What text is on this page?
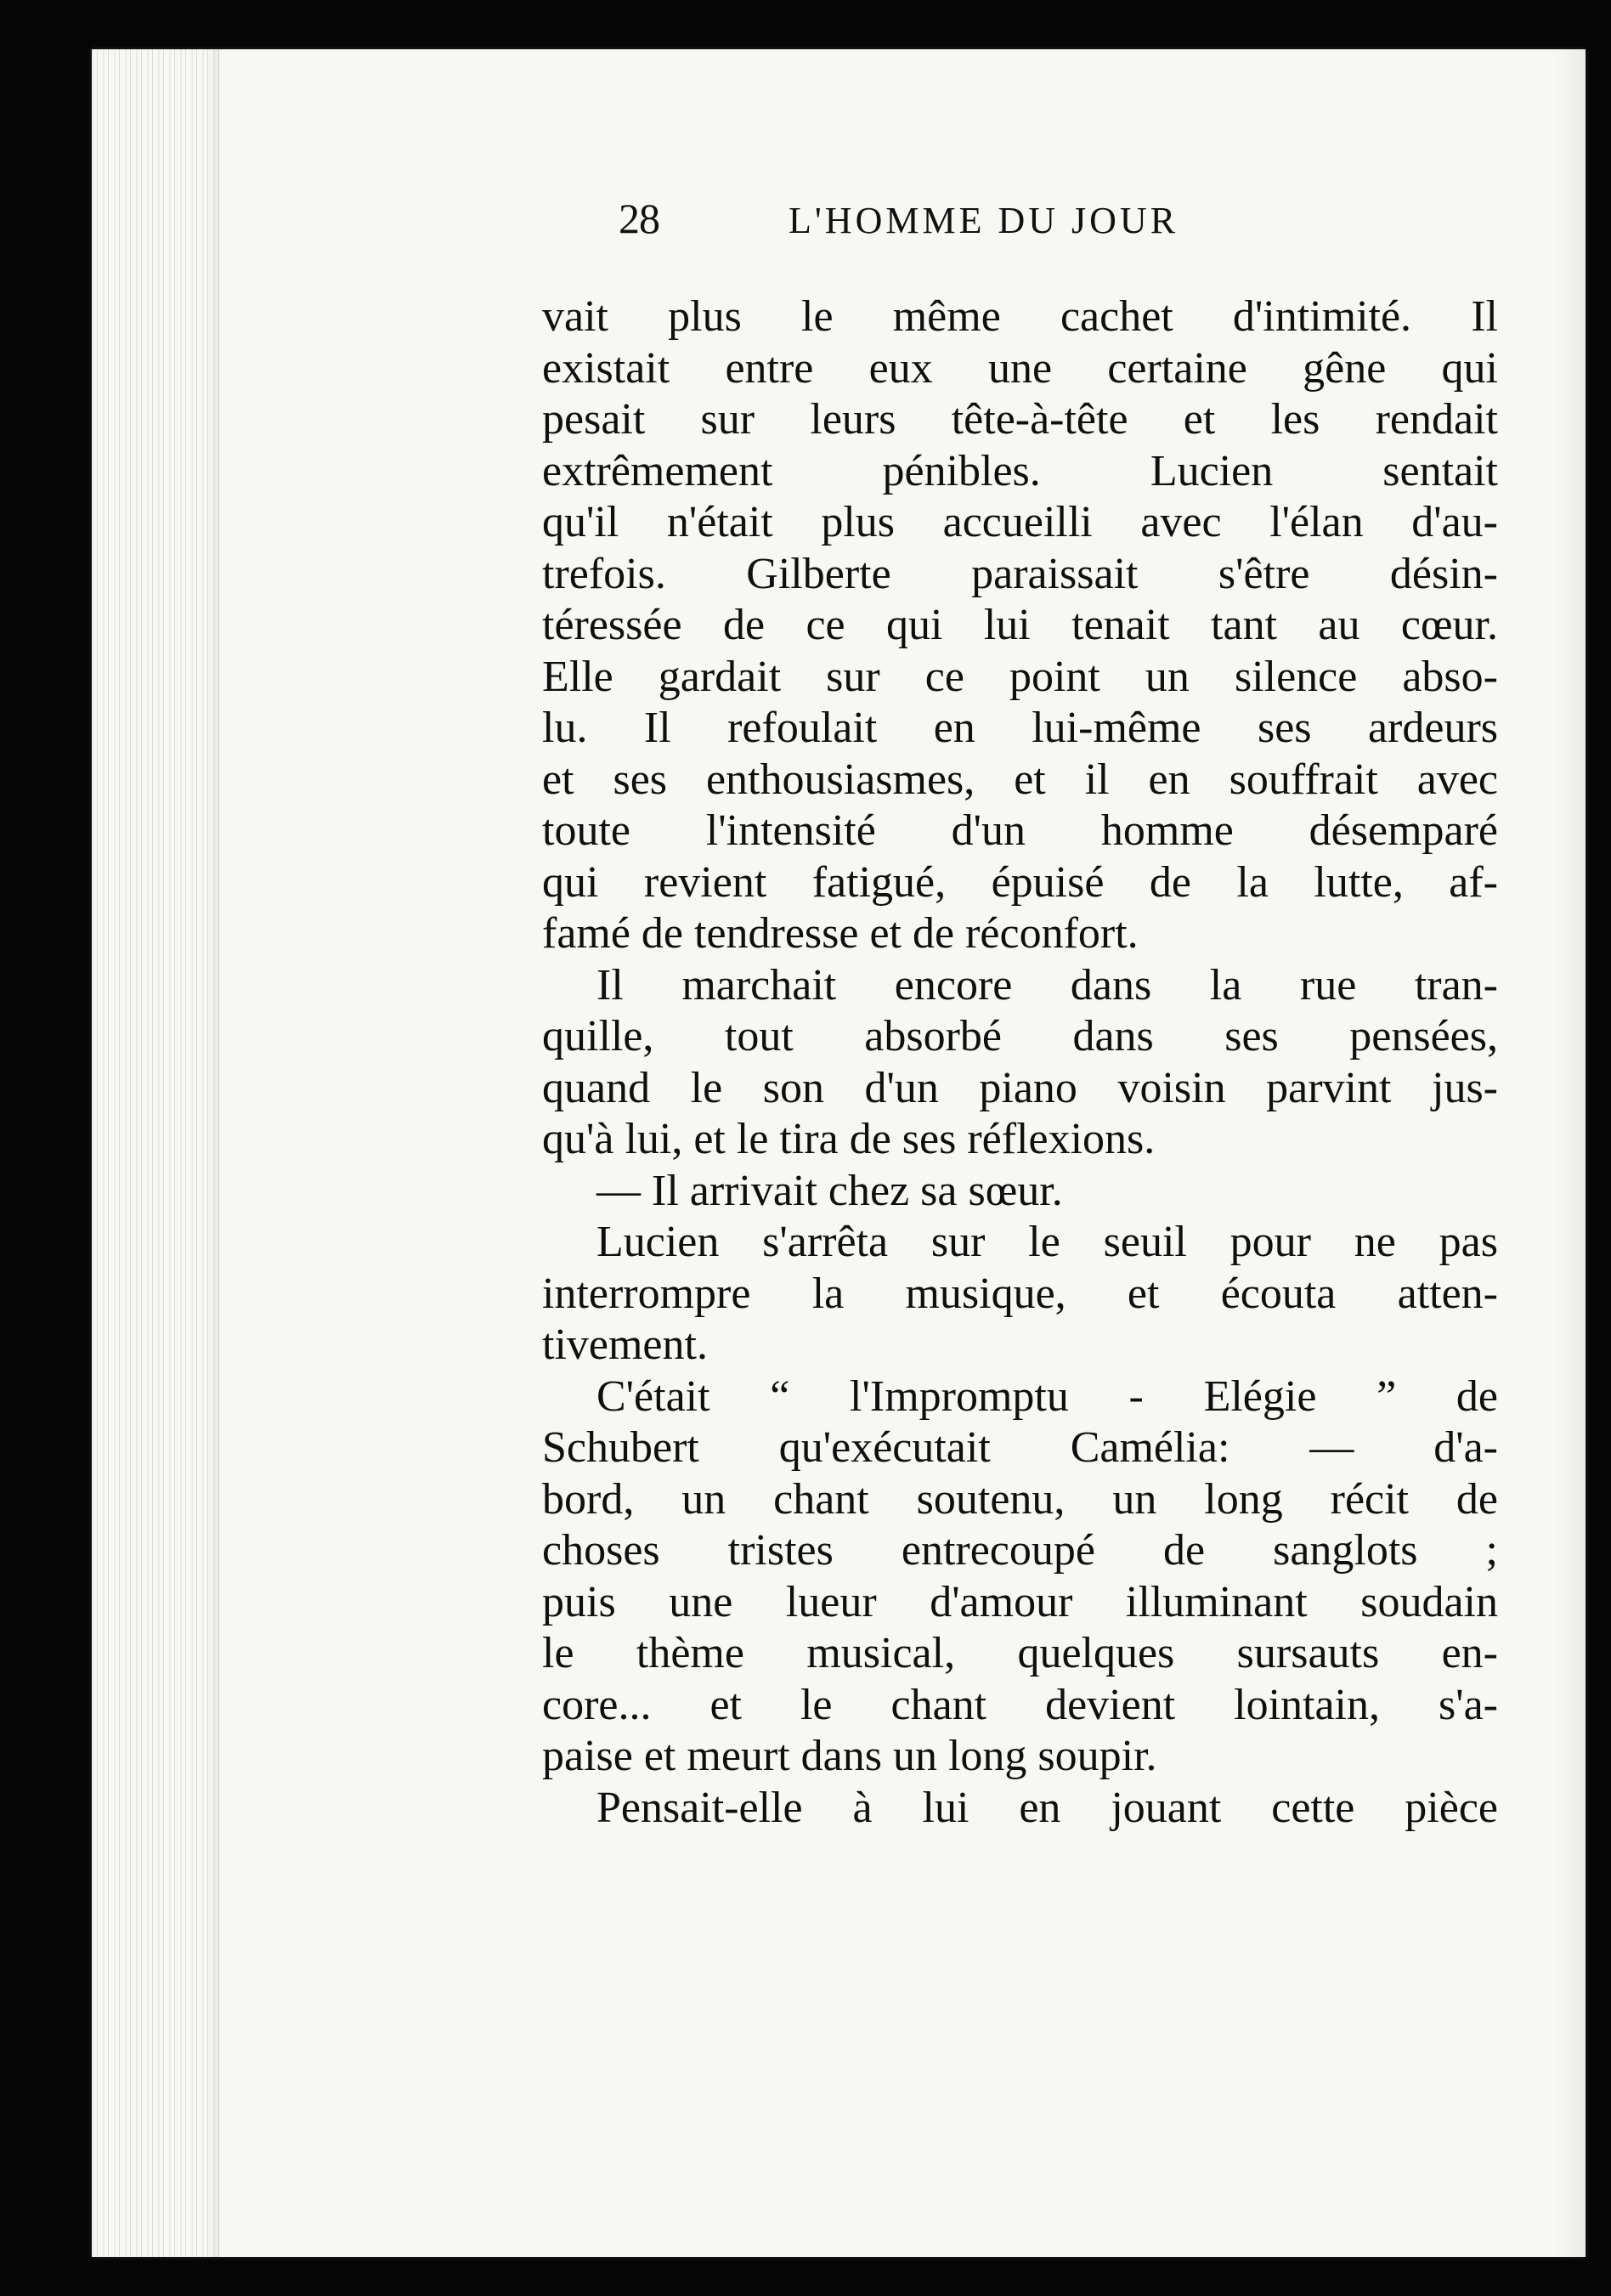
28	L'HOMME DU JOUR
vait plus le même cachet d'intimité. Il
existait entre eux une certaine gêne qui
pesait sur leurs tête-à-tête et les rendait
extrêmement pénibles. Lucien sentait
qu'il n'était plus accueilli avec l'élan d'au-
trefois. Gilberte paraissait s'être désin-
téressée de ce qui lui tenait tant au cœur.
Elle gardait sur ce point un silence abso-
lu. Il refoulait en lui-même ses ardeurs
et ses enthousiasmes, et il en souffrait avec
toute l'intensité d'un homme désemparé
qui revient fatigué, épuisé de la lutte, af-
famé de tendresse et de réconfort.
Il marchait encore dans la rue tran-
quille, tout absorbé dans ses pensées,
quand le son d'un piano voisin parvint jus-
qu'à lui, et le tira de ses réflexions.
— Il arrivait chez sa sœur.
Lucien s'arrêta sur le seuil pour ne pas
interrompre la musique, et écouta atten-
tivement.
C'était “ l'Impromptu - Elégie ” de
Schubert qu'exécutait Camélia: — d'a-
bord, un chant soutenu, un long récit de
choses tristes entrecoupé de sanglots ;
puis une lueur d'amour illuminant soudain
le thème musical, quelques sursauts en-
core... et le chant devient lointain, s'a-
paise et meurt dans un long soupir.
Pensait-elle à lui en jouant cette pièce
